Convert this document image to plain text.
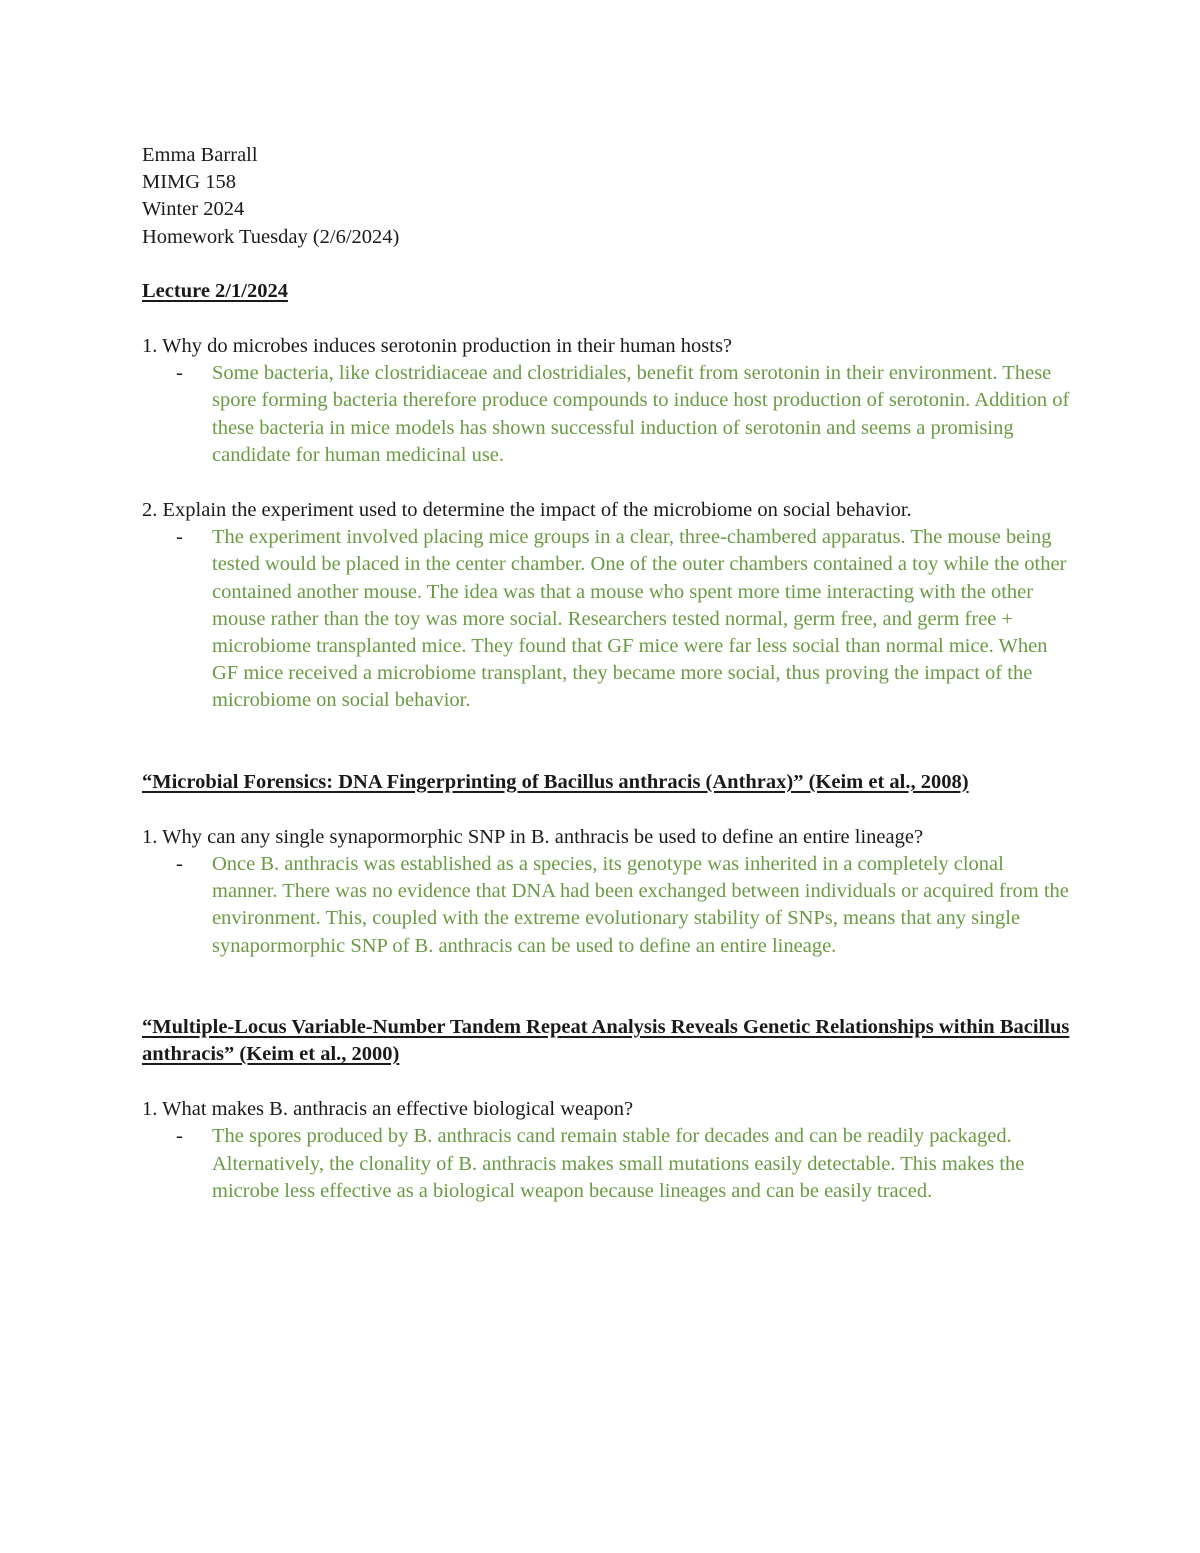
Emma Barrall
MIMG 158
Winter 2024
Homework Tuesday (2/6/2024)
Lecture 2/1/2024
1. Why do microbes induces serotonin production in their human hosts?
-	Some bacteria, like clostridiaceae and clostridiales, benefit from serotonin in their environment. These spore forming bacteria therefore produce compounds to induce host production of serotonin. Addition of these bacteria in mice models has shown successful induction of serotonin and seems a promising candidate for human medicinal use.
2. Explain the experiment used to determine the impact of the microbiome on social behavior.
-	The experiment involved placing mice groups in a clear, three-chambered apparatus. The mouse being tested would be placed in the center chamber. One of the outer chambers contained a toy while the other contained another mouse. The idea was that a mouse who spent more time interacting with the other mouse rather than the toy was more social. Researchers tested normal, germ free, and germ free + microbiome transplanted mice. They found that GF mice were far less social than normal mice. When GF mice received a microbiome transplant, they became more social, thus proving the impact of the microbiome on social behavior.
“Microbial Forensics: DNA Fingerprinting of Bacillus anthracis (Anthrax)” (Keim et al., 2008)
1. Why can any single synapormorphic SNP in B. anthracis be used to define an entire lineage?
-	Once B. anthracis was established as a species, its genotype was inherited in a completely clonal manner. There was no evidence that DNA had been exchanged between individuals or acquired from the environment. This, coupled with the extreme evolutionary stability of SNPs, means that any single synapormorphic SNP of B. anthracis can be used to define an entire lineage.
“Multiple-Locus Variable-Number Tandem Repeat Analysis Reveals Genetic Relationships within Bacillus anthracis” (Keim et al., 2000)
1. What makes B. anthracis an effective biological weapon?
-	The spores produced by B. anthracis cand remain stable for decades and can be readily packaged. Alternatively, the clonality of B. anthracis makes small mutations easily detectable. This makes the microbe less effective as a biological weapon because lineages and can be easily traced.
